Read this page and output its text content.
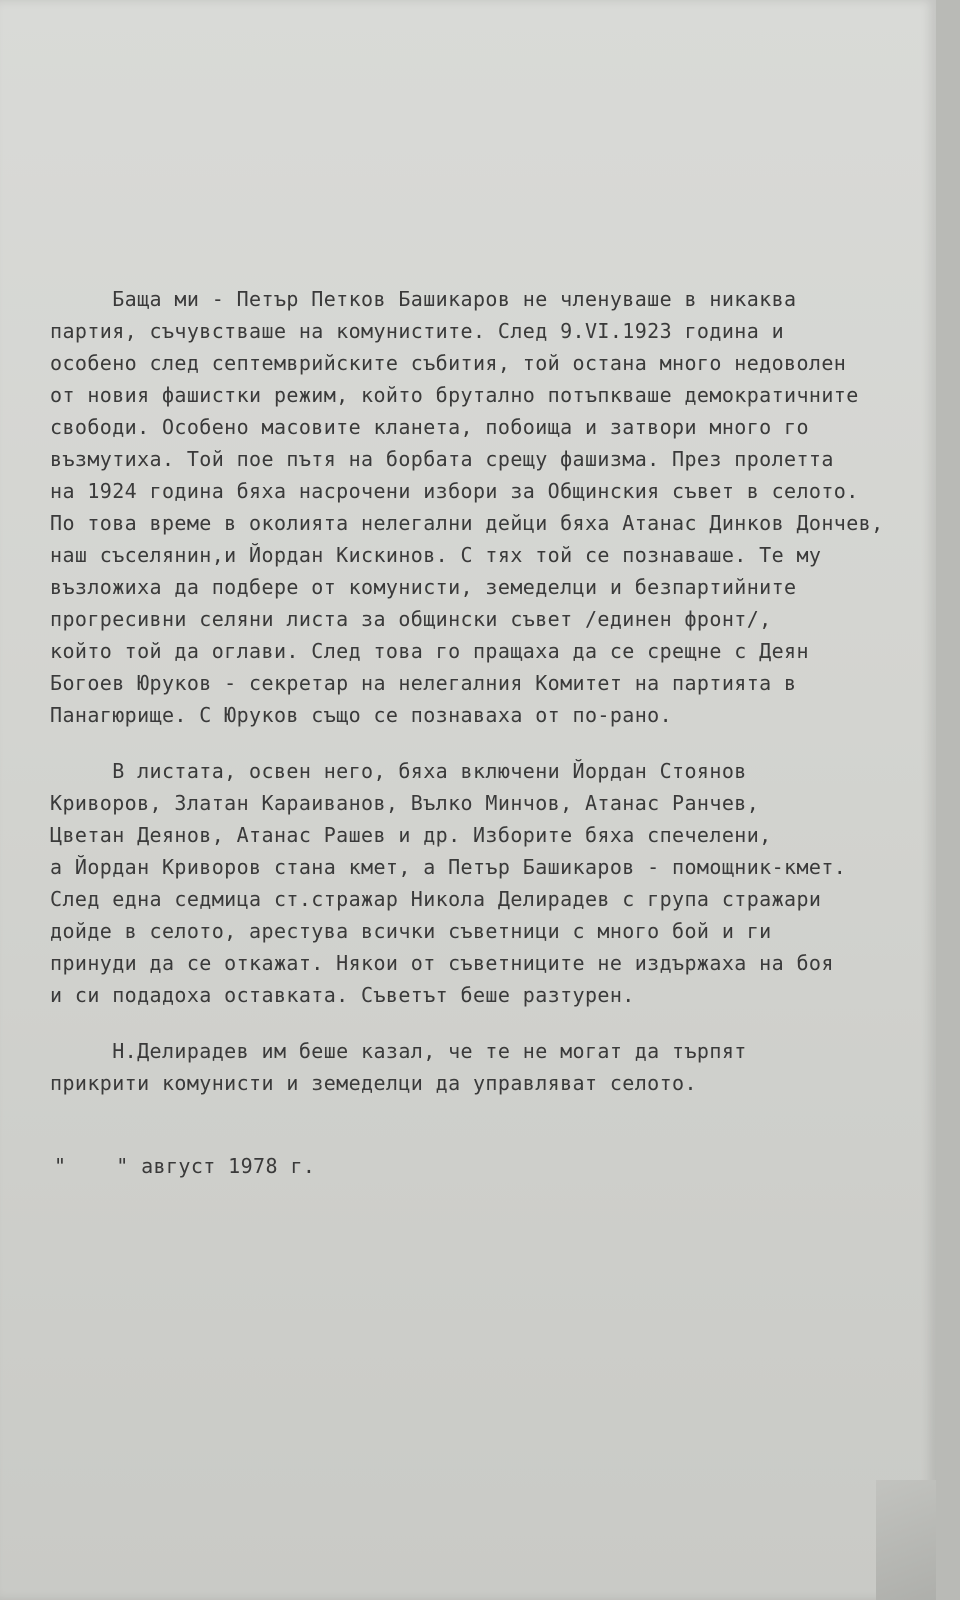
Баща ми - Петър Петков Башикаров не членуваше в никаква
партия, съчувстваше на комунистите. След 9.VI.1923 година и
особено след септемврийските събития, той остана много недоволен
от новия фашистки режим, който брутално потъпкваше демократичните
свободи. Особено масовите кланета, побоища и затвори много го
възмутиха. Той пое пътя на борбата срещу фашизма. През пролетта
на 1924 година бяха насрочени избори за Общинския съвет в селото.
По това време в околията нелегални дейци бяха Атанас Динков Дончев,
наш съселянин,и Йордан Кискинов. С тях той се познаваше. Те му
възложиха да подбере от комунисти, земеделци и безпартийните
прогресивни селяни листа за общински съвет /единен фронт/,
който той да оглави. След това го пращаха да се срещне с Деян
Богоев Юруков - секретар на нелегалния Комитет на партията в
Панагюрище. С Юруков също се познаваха от по-рано.
В листата, освен него, бяха включени Йордан Стоянов
Криворов, Златан Караиванов, Вълко Минчов, Атанас Ранчев,
Цветан Деянов, Атанас Рашев и др. Изборите бяха спечелени,
а Йордан Криворов стана кмет, а Петър Башикаров - помощник-кмет.
След една седмица ст.стражар Никола Делирадев с група стражари
дойде в селото, арестува всички съветници с много бой и ги
принуди да се откажат. Някои от съветниците не издържаха на боя
и си подадоха оставката. Съветът беше разтурен.
Н.Делирадев им беше казал, че те не могат да търпят
прикрити комунисти и земеделци да управляват селото.
"    " август 1978 г.
